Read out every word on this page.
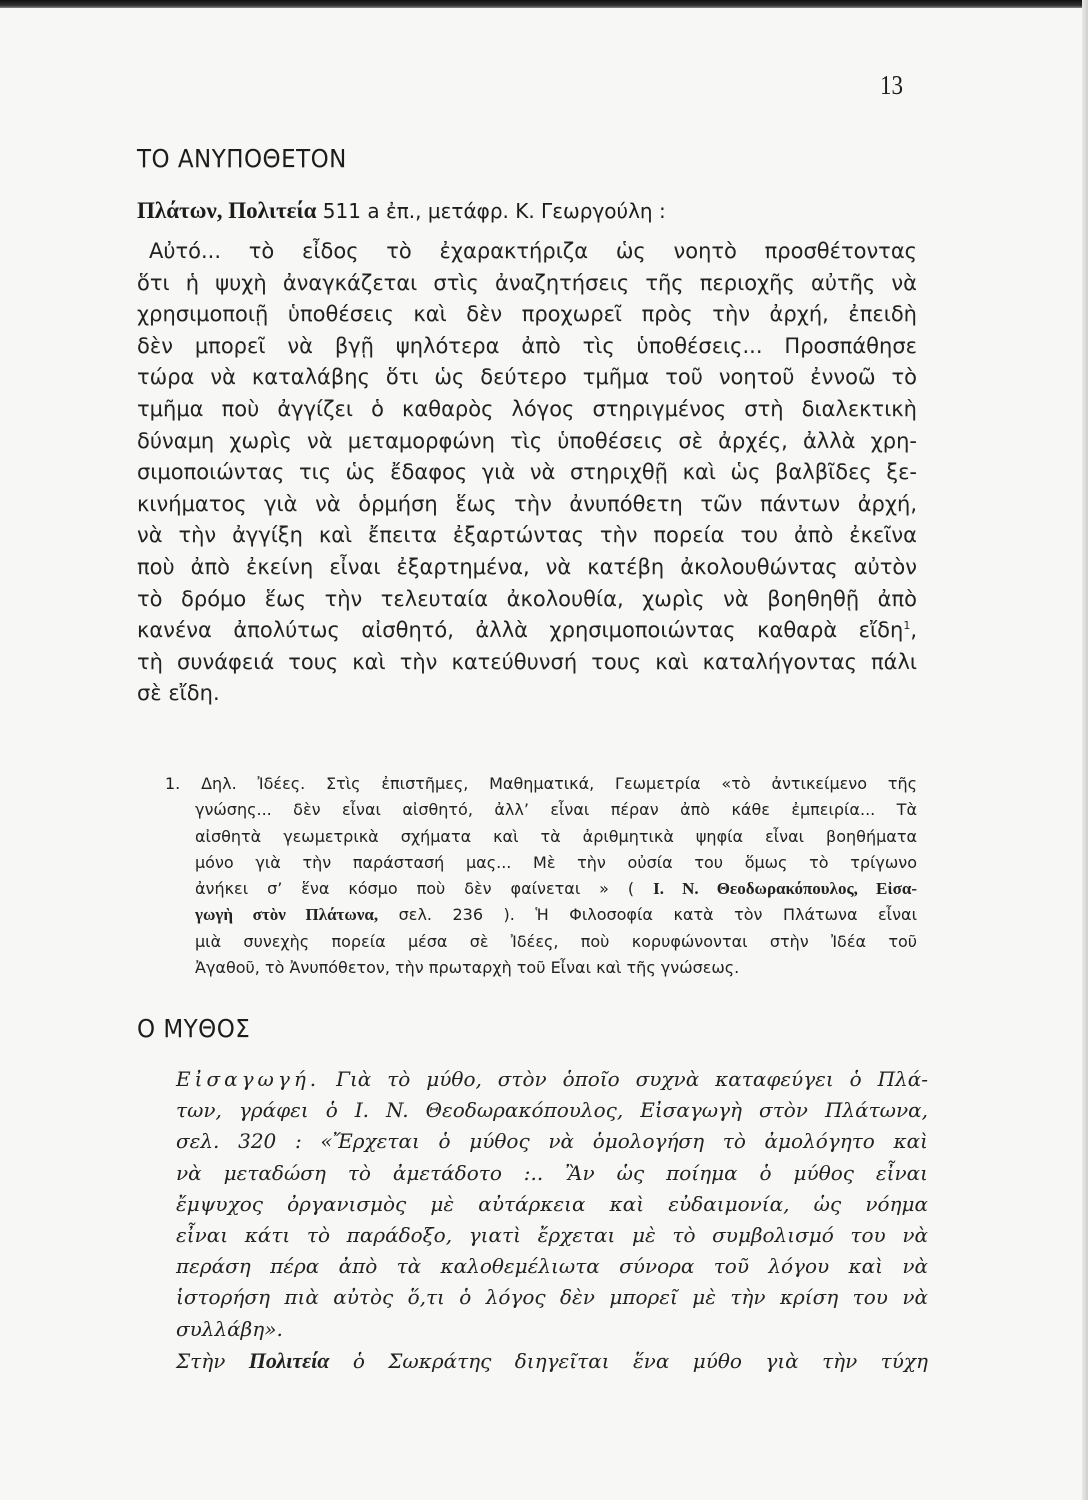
13
ΤΟ ΑΝΥΠΟΘΕΤΟΝ
Πλάτων, Πολιτεία 511 a ἐπ., μετάφρ. Κ. Γεωργούλη :
Αὐτό... τὸ εἶδος τὸ ἐχαρακτήριζα ὡς νοητὸ προσθέτοντας
ὅτι ἡ ψυχὴ ἀναγκάζεται στὶς ἀναζητήσεις τῆς περιοχῆς αὐτῆς νὰ
χρησιμοποιῇ ὑποθέσεις καὶ δὲν προχωρεῖ πρὸς τὴν ἀρχή, ἐπειδὴ
δὲν μπορεῖ νὰ βγῇ ψηλότερα ἀπὸ τὶς ὑποθέσεις... Προσπάθησε
τώρα νὰ καταλάβης ὅτι ὡς δεύτερο τμῆμα τοῦ νοητοῦ ἐννοῶ τὸ
τμῆμα ποὺ ἀγγίζει ὁ καθαρὸς λόγος στηριγμένος στὴ διαλεκτικὴ
δύναμη χωρὶς νὰ μεταμορφώνη τὶς ὑποθέσεις σὲ ἀρχές, ἀλλὰ χρη-
σιμοποιώντας τις ὡς ἔδαφος γιὰ νὰ στηριχθῇ καὶ ὡς βαλβῖδες ξε-
κινήματος γιὰ νὰ ὁρμήση ἕως τὴν ἀνυπόθετη τῶν πάντων ἀρχή,
νὰ τὴν ἀγγίξη καὶ ἔπειτα ἐξαρτώντας τὴν πορεία του ἀπὸ ἐκεῖνα
ποὺ ἀπὸ ἐκείνη εἶναι ἐξαρτημένα, νὰ κατέβη ἀκολουθώντας αὐτὸν
τὸ δρόμο ἕως τὴν τελευταία ἀκολουθία, χωρὶς νὰ βοηθηθῇ ἀπὸ
κανένα ἀπολύτως αἰσθητό, ἀλλὰ χρησιμοποιώντας καθαρὰ εἴδη$^1$,
τὴ συνάφειά τους καὶ τὴν κατεύθυνσή τους καὶ καταλήγοντας πάλι
σὲ εἴδη.
1. Δηλ. Ἰδέες. Στὶς ἐπιστῆμες, Μαθηματικά, Γεωμετρία «τὸ ἀντικείμενο τῆς
γνώσης... δὲν εἶναι αἰσθητό, ἀλλ’ εἶναι πέραν ἀπὸ κάθε ἐμπειρία... Τὰ
αἰσθητὰ γεωμετρικὰ σχήματα καὶ τὰ ἀριθμητικὰ ψηφία εἶναι βοηθήματα
μόνο γιὰ τὴν παράστασή μας... Μὲ τὴν οὐσία του ὅμως τὸ τρίγωνο
ἀνήκει σ’ ἕνα κόσμο ποὺ δὲν φαίνεται » ( I. N. Θεοδωρακόπουλος, Εἰσα-
γωγὴ στὸν Πλάτωνα, σελ. 236 ). Ἡ Φιλοσοφία κατὰ τὸν Πλάτωνα εἶναι
μιὰ συνεχὴς πορεία μέσα σὲ Ἰδέες, ποὺ κορυφώνονται στὴν Ἰδέα τοῦ
Ἀγαθοῦ, τὸ Ἀνυπόθετον, τὴν πρωταρχὴ τοῦ Εἶναι καὶ τῆς γνώσεως.
Ο ΜΥΘΟΣ
Εἰσαγωγή. Γιὰ τὸ μύθο, στὸν ὁποῖο συχνὰ καταφεύγει ὁ Πλά-
των, γράφει ὁ I. N. Θεοδωρακόπουλος, Εἰσαγωγὴ στὸν Πλάτωνα,
σελ. 320 : «Ἔρχεται ὁ μύθος νὰ ὁμολογήση τὸ ἀμολόγητο καὶ
νὰ μεταδώση τὸ ἀμετάδοτο :.. Ἂν ὡς ποίημα ὁ μύθος εἶναι
ἔμψυχος ὀργανισμὸς μὲ αὐτάρκεια καὶ εὐδαιμονία, ὡς νόημα
εἶναι κάτι τὸ παράδοξο, γιατὶ ἔρχεται μὲ τὸ συμβολισμό του νὰ
περάση πέρα ἀπὸ τὰ καλοθεμέλιωτα σύνορα τοῦ λόγου καὶ νὰ
ἱστορήση πιὰ αὐτὸς ὅ,τι ὁ λόγος δὲν μπορεῖ μὲ τὴν κρίση του νὰ
συλλάβη».
Στὴν Πολιτεία ὁ Σωκράτης διηγεῖται ἕνα μύθο γιὰ τὴν τύχη
